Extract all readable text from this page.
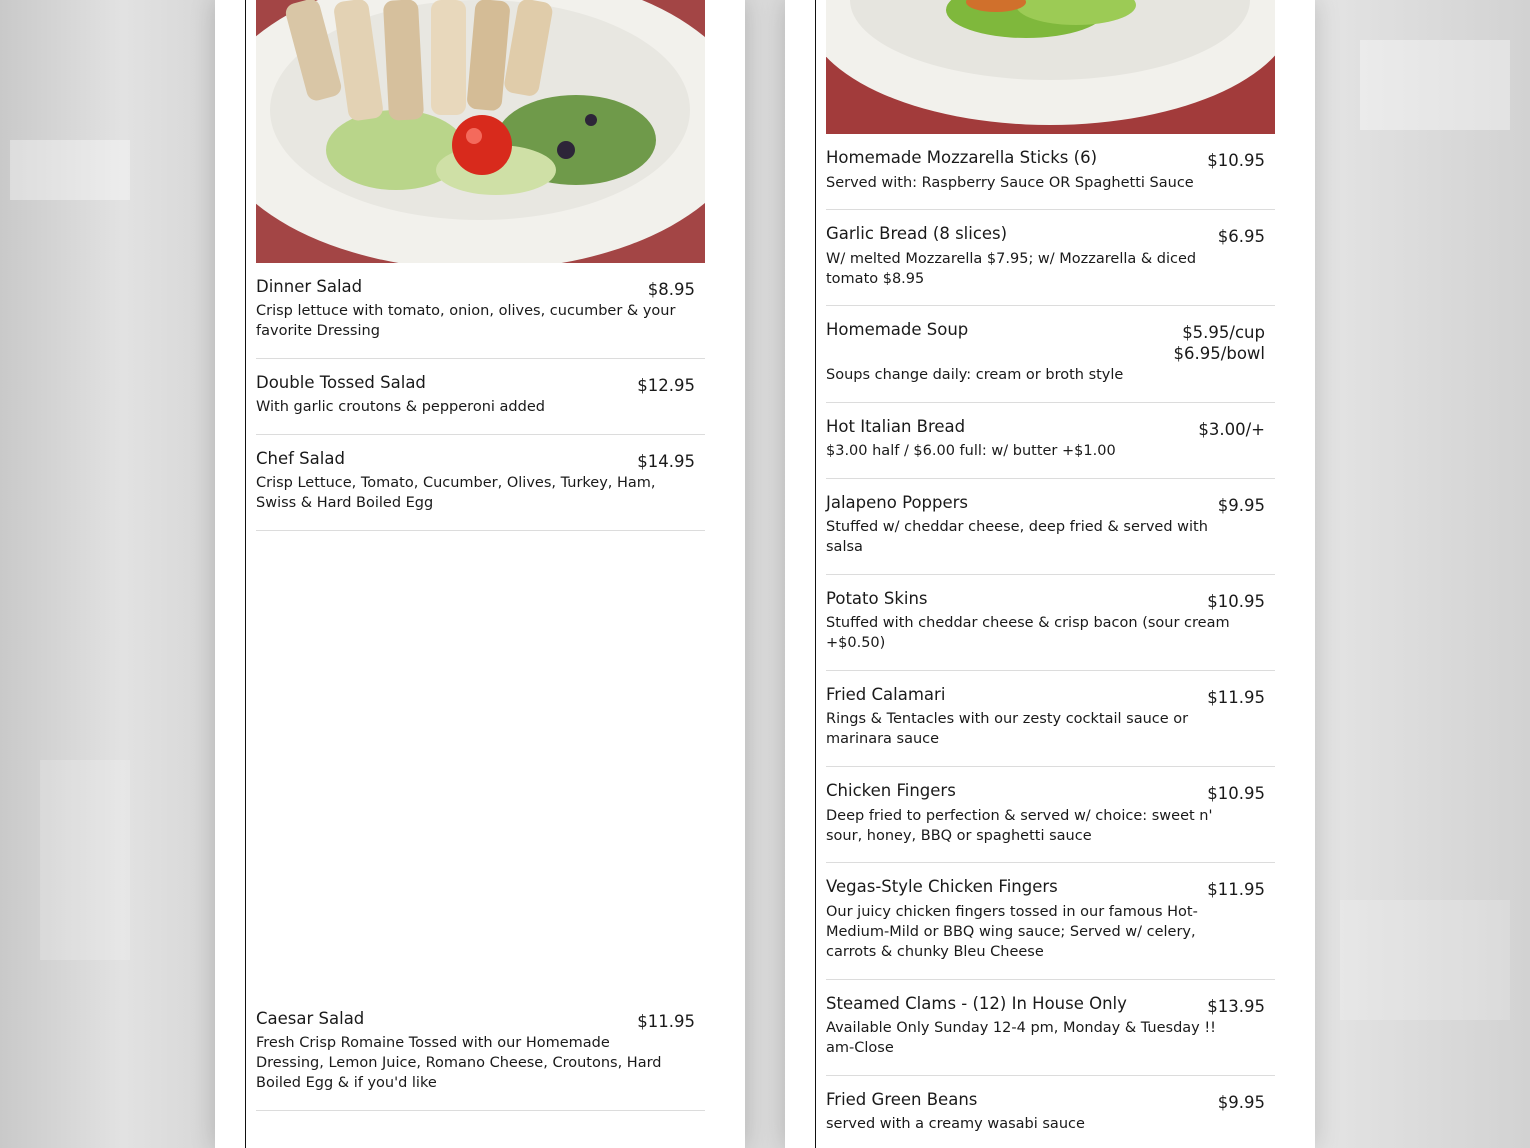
Dinner Salad	$8.95
Crisp lettuce with tomato, onion, olives, cucumber & your favorite Dressing
Double Tossed Salad	$12.95
With garlic croutons & pepperoni added
Chef Salad	$14.95
Crisp Lettuce, Tomato, Cucumber, Olives, Turkey, Ham, Swiss & Hard Boiled Egg
Caesar Salad	$11.95
Fresh Crisp Romaine Tossed with our Homemade Dressing, Lemon Juice, Romano Cheese, Croutons, Hard Boiled Egg & if you'd like
Homemade Mozzarella Sticks (6)	$10.95
Served with: Raspberry Sauce OR Spaghetti Sauce
Garlic Bread (8 slices)	$6.95
W/ melted Mozzarella $7.95; w/ Mozzarella & diced tomato $8.95
Homemade Soup	$5.95/cup
$6.95/bowl
Soups change daily: cream or broth style
Hot Italian Bread	$3.00/+
$3.00 half / $6.00 full: w/ butter +$1.00
Jalapeno Poppers	$9.95
Stuffed w/ cheddar cheese, deep fried & served with salsa
Potato Skins	$10.95
Stuffed with cheddar cheese & crisp bacon (sour cream +$0.50)
Fried Calamari	$11.95
Rings & Tentacles with our zesty cocktail sauce or marinara sauce
Chicken Fingers	$10.95
Deep fried to perfection & served w/ choice: sweet n' sour, honey, BBQ or spaghetti sauce
Vegas-Style Chicken Fingers	$11.95
Our juicy chicken fingers tossed in our famous Hot-Medium-Mild or BBQ wing sauce; Served w/ celery, carrots & chunky Bleu Cheese
Steamed Clams - (12) In House Only	$13.95
Available Only Sunday 12-4 pm, Monday & Tuesday !! am-Close
Fried Green Beans	$9.95
served with a creamy wasabi sauce
